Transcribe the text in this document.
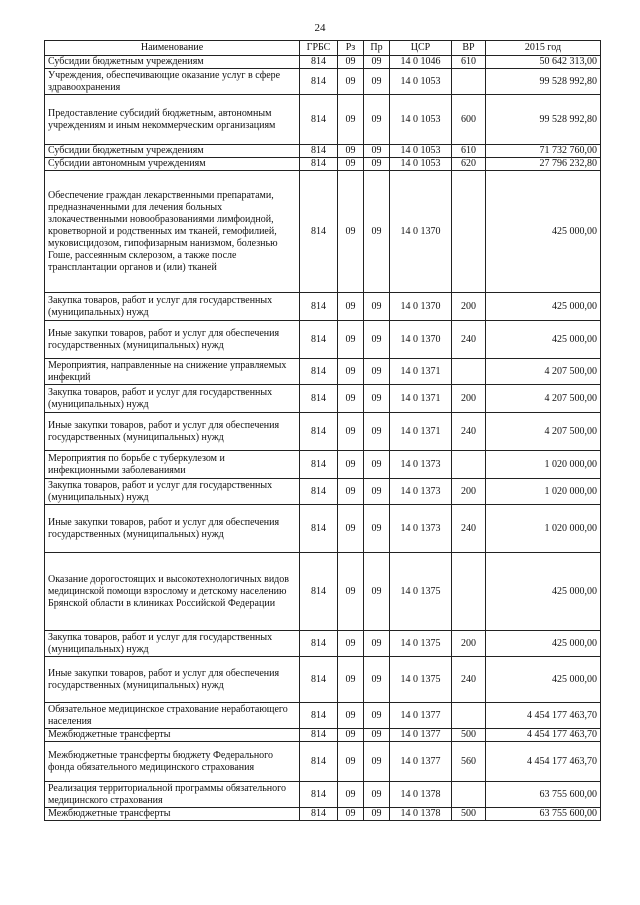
24
Наименование	ГРБС	Рз	Пр	ЦСР	ВР	2015 год
Субсидии бюджетным учреждениям	814	09	09	14 0 1046	610	50 642 313,00
Учреждения, обеспечивающие оказание услуг в сфере здравоохранения	814	09	09	14 0 1053		99 528 992,80
Предоставление субсидий бюджетным, автономным учреждениям и иным некоммерческим организациям	814	09	09	14 0 1053	600	99 528 992,80
Субсидии бюджетным учреждениям	814	09	09	14 0 1053	610	71 732 760,00
Субсидии автономным учреждениям	814	09	09	14 0 1053	620	27 796 232,80
Обеспечение граждан лекарственными препаратами, предназначенными для лечения больных злокачественными новообразованиями лимфоидной, кроветворной и родственных им тканей, гемофилией, муковисцидозом, гипофизарным нанизмом, болезнью Гоше, рассеянным склерозом, а также после трансплантации органов и (или) тканей	814	09	09	14 0 1370		425 000,00
Закупка товаров, работ и услуг для государственных (муниципальных) нужд	814	09	09	14 0 1370	200	425 000,00
Иные закупки товаров, работ и услуг для обеспечения государственных (муниципальных) нужд	814	09	09	14 0 1370	240	425 000,00
Мероприятия, направленные на снижение управляемых инфекций	814	09	09	14 0 1371		4 207 500,00
Закупка товаров, работ и услуг для государственных (муниципальных) нужд	814	09	09	14 0 1371	200	4 207 500,00
Иные закупки товаров, работ и услуг для обеспечения государственных (муниципальных) нужд	814	09	09	14 0 1371	240	4 207 500,00
Мероприятия по борьбе с туберкулезом и инфекционными заболеваниями	814	09	09	14 0 1373		1 020 000,00
Закупка товаров, работ и услуг для государственных (муниципальных) нужд	814	09	09	14 0 1373	200	1 020 000,00
Иные закупки товаров, работ и услуг для обеспечения государственных (муниципальных) нужд	814	09	09	14 0 1373	240	1 020 000,00
Оказание дорогостоящих и высокотехнологичных видов медицинской помощи взрослому и детскому населению Брянской области в клиниках Российской Федерации	814	09	09	14 0 1375		425 000,00
Закупка товаров, работ и услуг для государственных (муниципальных) нужд	814	09	09	14 0 1375	200	425 000,00
Иные закупки товаров, работ и услуг для обеспечения государственных (муниципальных) нужд	814	09	09	14 0 1375	240	425 000,00
Обязательное медицинское страхование неработающего населения	814	09	09	14 0 1377		4 454 177 463,70
Межбюджетные трансферты	814	09	09	14 0 1377	500	4 454 177 463,70
Межбюджетные трансферты бюджету Федерального фонда обязательного медицинского страхования	814	09	09	14 0 1377	560	4 454 177 463,70
Реализация территориальной программы обязательного медицинского страхования	814	09	09	14 0 1378		63 755 600,00
Межбюджетные трансферты	814	09	09	14 0 1378	500	63 755 600,00
